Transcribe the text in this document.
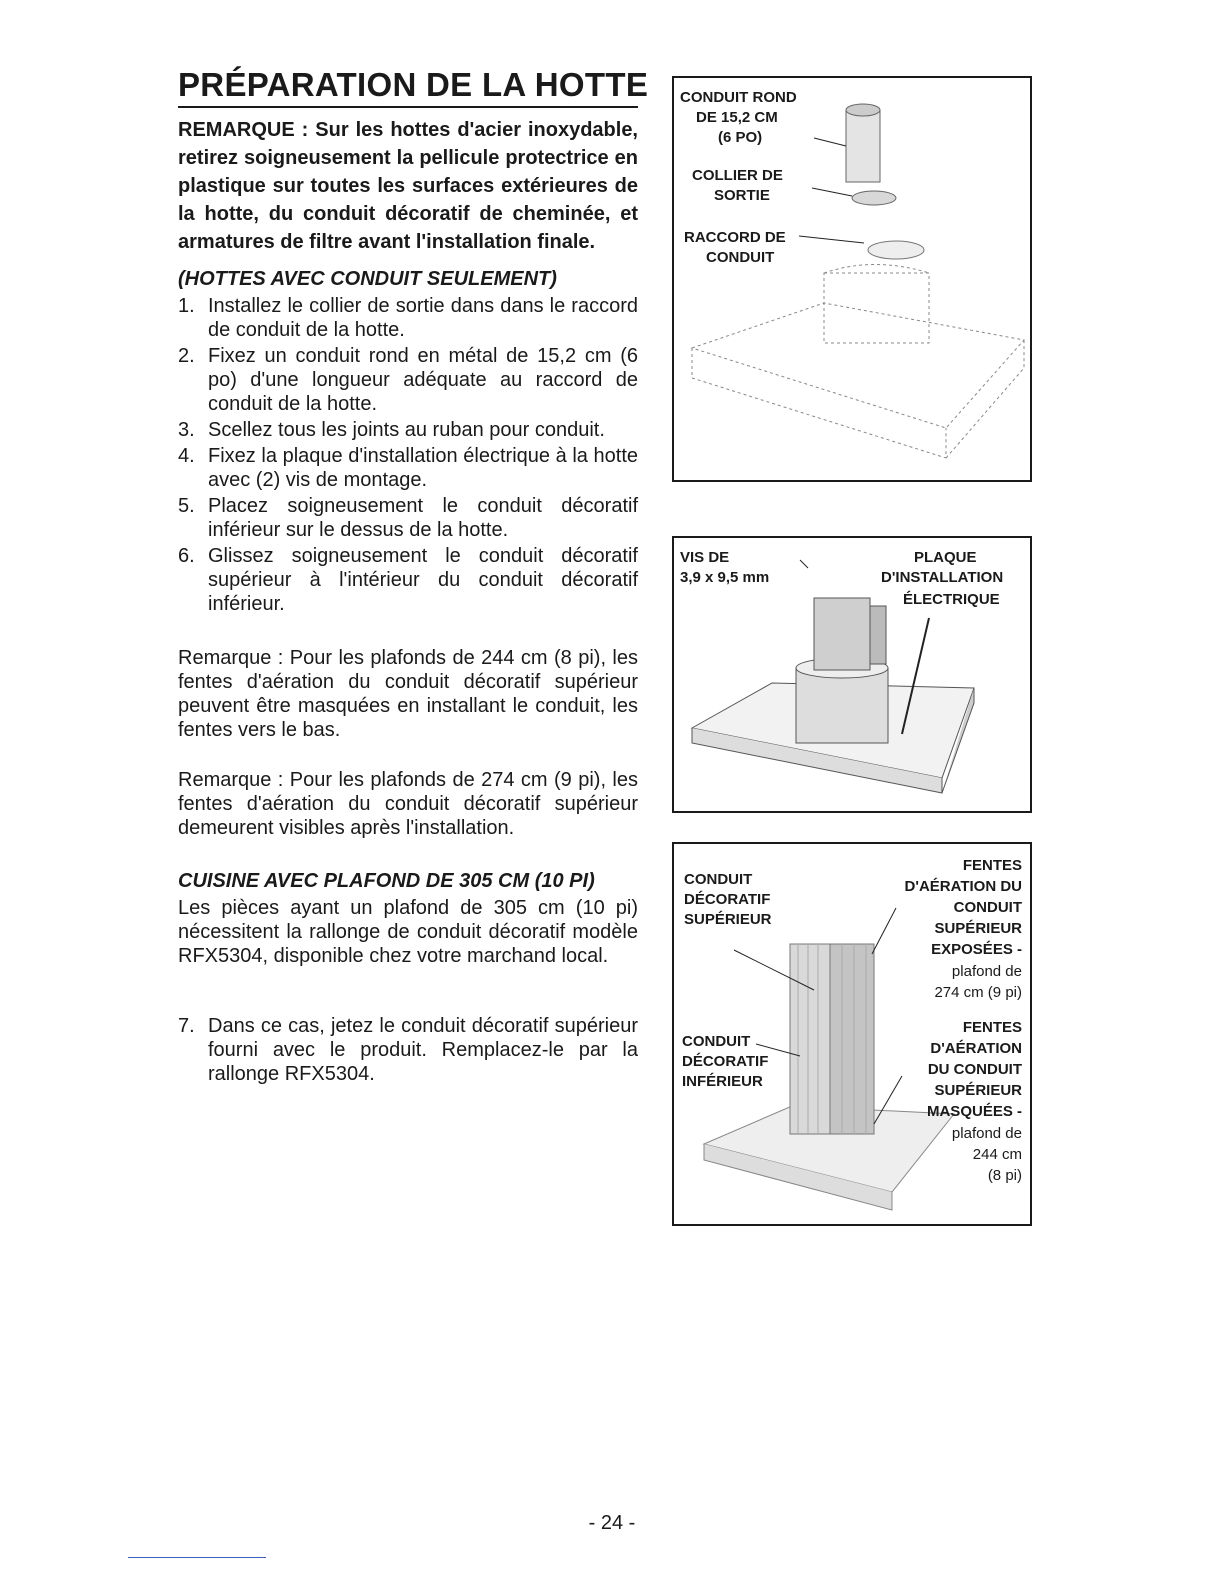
PRÉPARATION DE LA HOTTE

REMARQUE : Sur les hottes d'acier inoxydable, retirez soigneusement la pellicule protectrice en plastique sur toutes les surfaces extérieures de la hotte, du conduit décoratif de cheminée, et armatures de filtre avant l'installation finale.

(HOTTES AVEC CONDUIT SEULEMENT)
1. Installez le collier de sortie dans dans le raccord de conduit de la hotte.
2. Fixez un conduit rond en métal de 15,2 cm (6 po) d'une longueur adéquate au raccord de conduit de la hotte.
3. Scellez tous les joints au ruban pour conduit.
4. Fixez la plaque d'installation électrique à la hotte avec (2) vis de montage.
5. Placez soigneusement le conduit décoratif inférieur sur le dessus de la hotte.
6. Glissez soigneusement le conduit décoratif supérieur à l'intérieur du conduit décoratif inférieur.

Remarque : Pour les plafonds de 244 cm (8 pi), les fentes d'aération du conduit décoratif supérieur peuvent être masquées en installant le conduit, les fentes vers le bas.

Remarque : Pour les plafonds de 274 cm (9 pi), les fentes d'aération du conduit décoratif supérieur demeurent visibles après l'installation.

CUISINE AVEC PLAFOND DE 305 CM (10 PI)

Les pièces ayant un plafond de 305 cm (10 pi) nécessitent la rallonge de conduit décoratif modèle RFX5304, disponible chez votre marchand local.

7. Dans ce cas, jetez le conduit décoratif supérieur fourni avec le produit. Remplacez-le par la rallonge RFX5304.
CONDUIT ROND
DE 15,2 CM
(6 PO)
COLLIER DE
SORTIE
RACCORD DE
CONDUIT
VIS DE
3,9 x 9,5 mm
PLAQUE
D'INSTALLATION
ÉLECTRIQUE
CONDUIT
DÉCORATIF
SUPÉRIEUR
CONDUIT
DÉCORATIF
INFÉRIEUR
FENTES
D'AÉRATION DU
CONDUIT
SUPÉRIEUR
EXPOSÉES -
plafond de
274 cm (9 pi)
FENTES
D'AÉRATION
DU CONDUIT
SUPÉRIEUR
MASQUÉES -
plafond de
244 cm
(8 pi)
- 24 -
